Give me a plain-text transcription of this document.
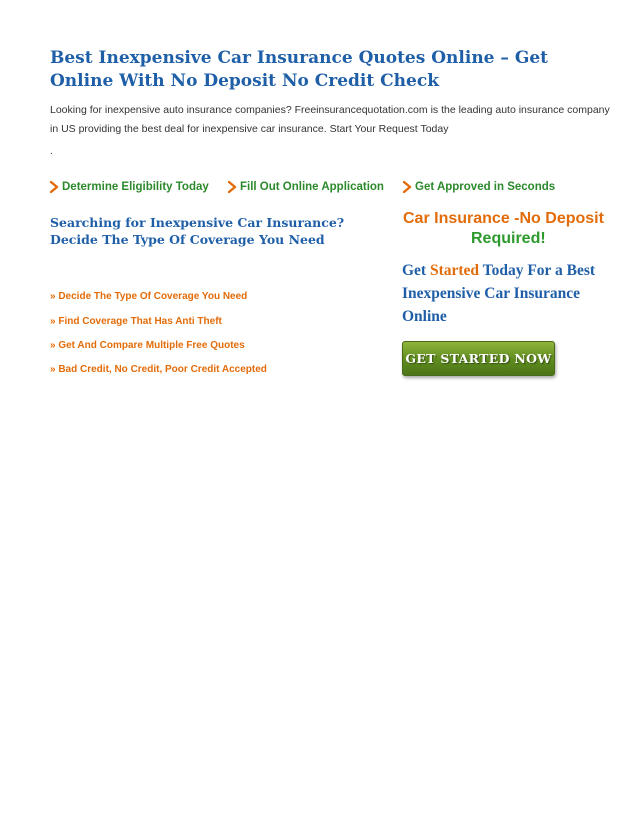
Best Inexpensive Car Insurance Quotes Online – Get Online With No Deposit No Credit Check
Looking for inexpensive auto insurance companies? Freeinsurancequotation.com is the leading auto insurance company in US providing the best deal for inexpensive car insurance. Start Your Request Today
.
Determine Eligibility Today	Fill Out Online Application	Get Approved in Seconds
Searching for Inexpensive Car Insurance? Decide The Type Of Coverage You Need
» Decide The Type Of Coverage You Need
» Find Coverage That Has Anti Theft
» Get And Compare Multiple Free Quotes
» Bad Credit, No Credit, Poor Credit Accepted
Car Insurance -No Deposit
Required!
Get Started Today For a Best Inexpensive Car Insurance Online
GET STARTED NOW
